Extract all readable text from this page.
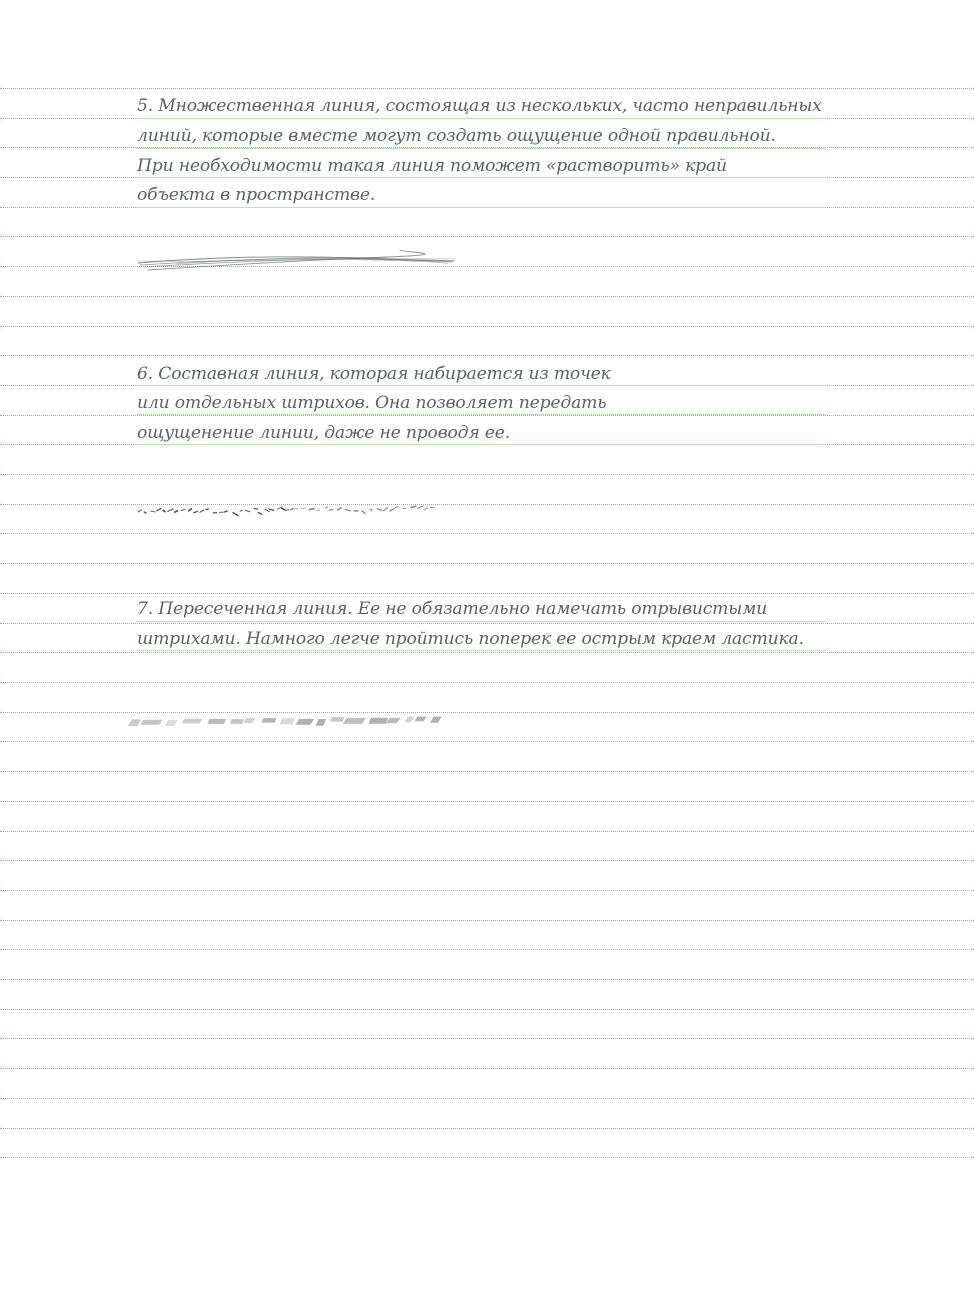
5. Множественная линия, состоящая из нескольких, часто неправильных
линий, которые вместе могут создать ощущение одной правильной.
При необходимости такая линия поможет «растворить» край
объекта в пространстве.
6. Составная линия, которая набирается из точек
или отдельных штрихов. Она позволяет передать
ощущенение линии, даже не проводя ее.
7. Пересеченная линия. Ее не обязательно намечать отрывистыми
штрихами. Намного легче пройтись поперек ее острым краем ластика.
